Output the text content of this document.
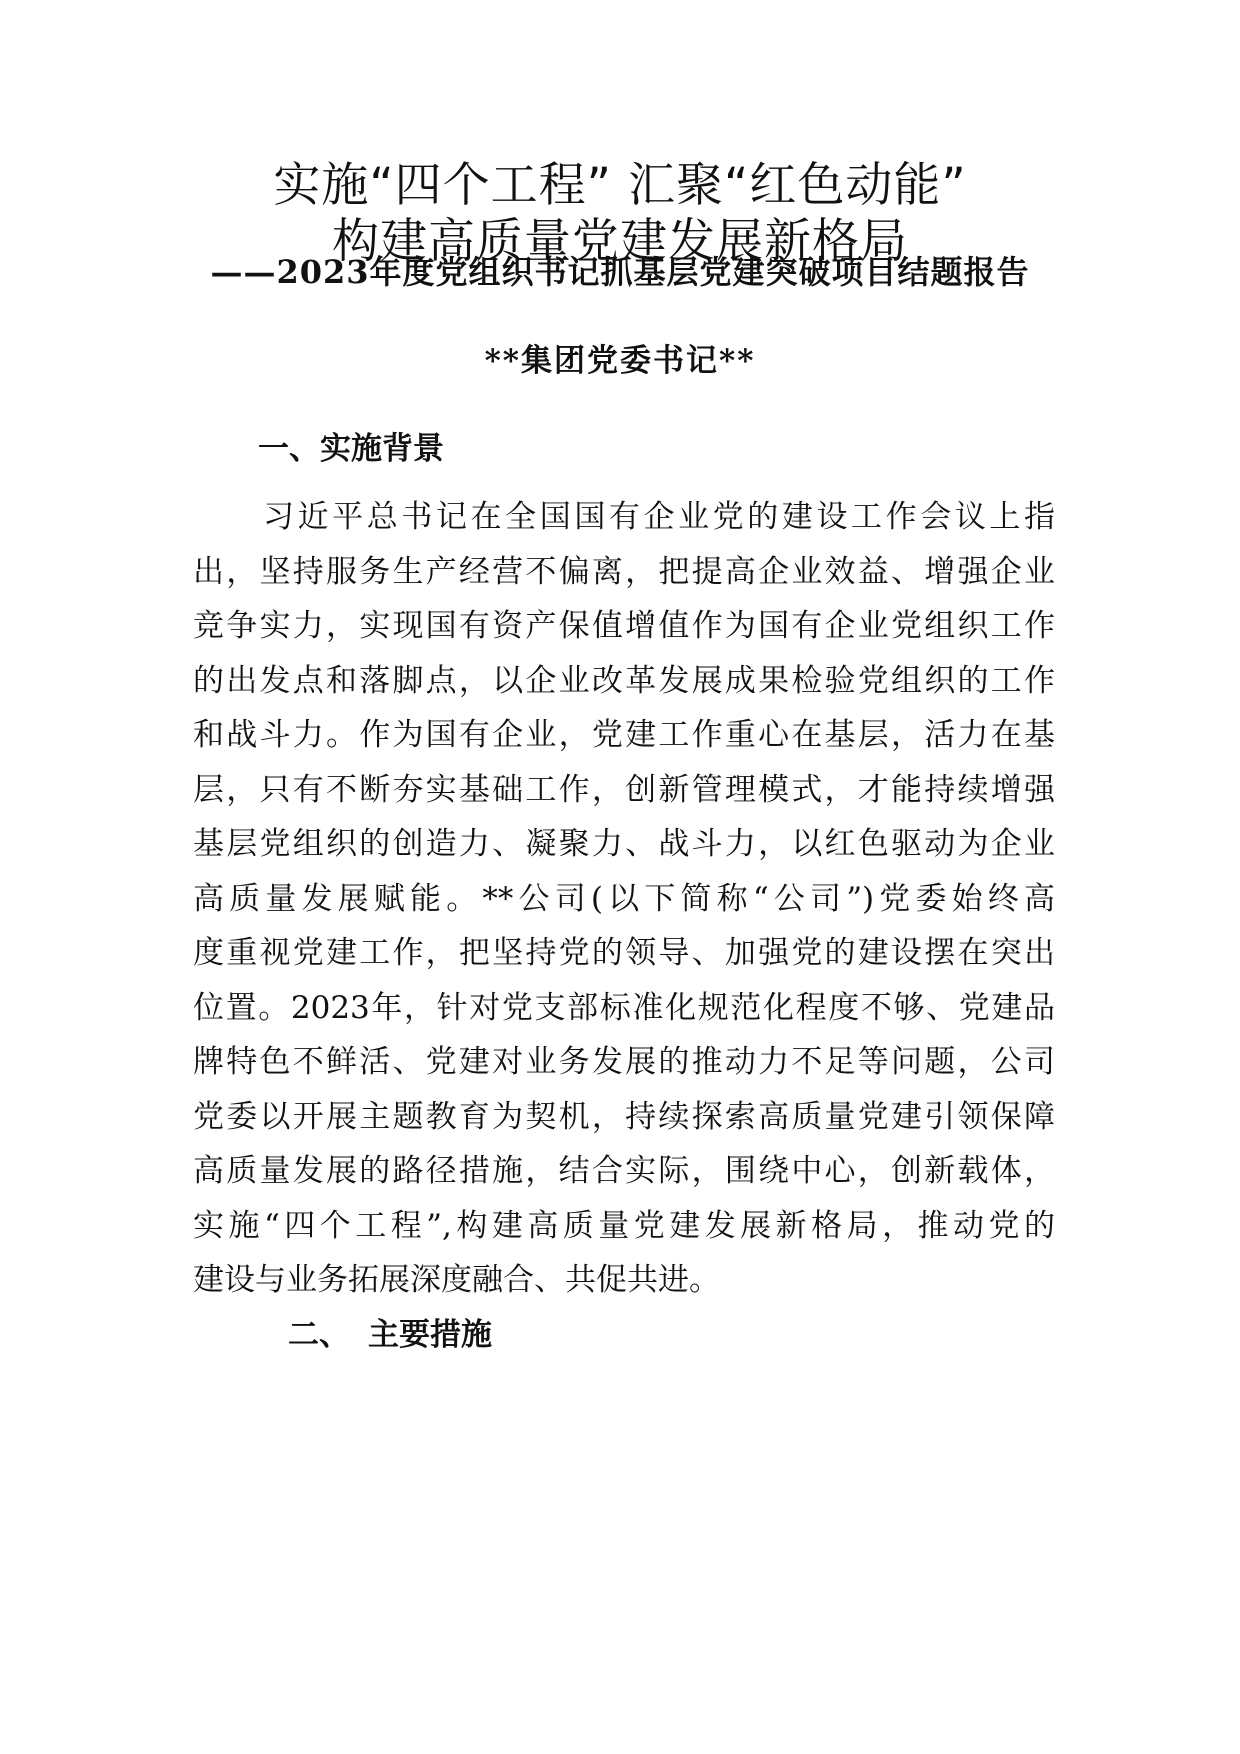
实施“四个工程” 汇聚“红色动能”
构建高质量党建发展新格局
——2023年度党组织书记抓基层党建突破项目结题报告
**集团党委书记**
一、实施背景
习近平总书记在全国国有企业党的建设工作会议上指
出，坚持服务生产经营不偏离，把提高企业效益、增强企业
竞争实力，实现国有资产保值增值作为国有企业党组织工作
的出发点和落脚点，以企业改革发展成果检验党组织的工作
和战斗力。作为国有企业，党建工作重心在基层，活力在基
层，只有不断夯实基础工作，创新管理模式，才能持续增强
基层党组织的创造力、凝聚力、战斗力，以红色驱动为企业
高质量发展赋能。**公司(以下简称“公司”)党委始终高
度重视党建工作，把坚持党的领导、加强党的建设摆在突出
位置。2023年，针对党支部标准化规范化程度不够、党建品
牌特色不鲜活、党建对业务发展的推动力不足等问题，公司
党委以开展主题教育为契机，持续探索高质量党建引领保障
高质量发展的路径措施，结合实际，围绕中心，创新载体，
实施“四个工程”,构建高质量党建发展新格局，推动党的
建设与业务拓展深度融合、共促共进。
二、 主要措施
